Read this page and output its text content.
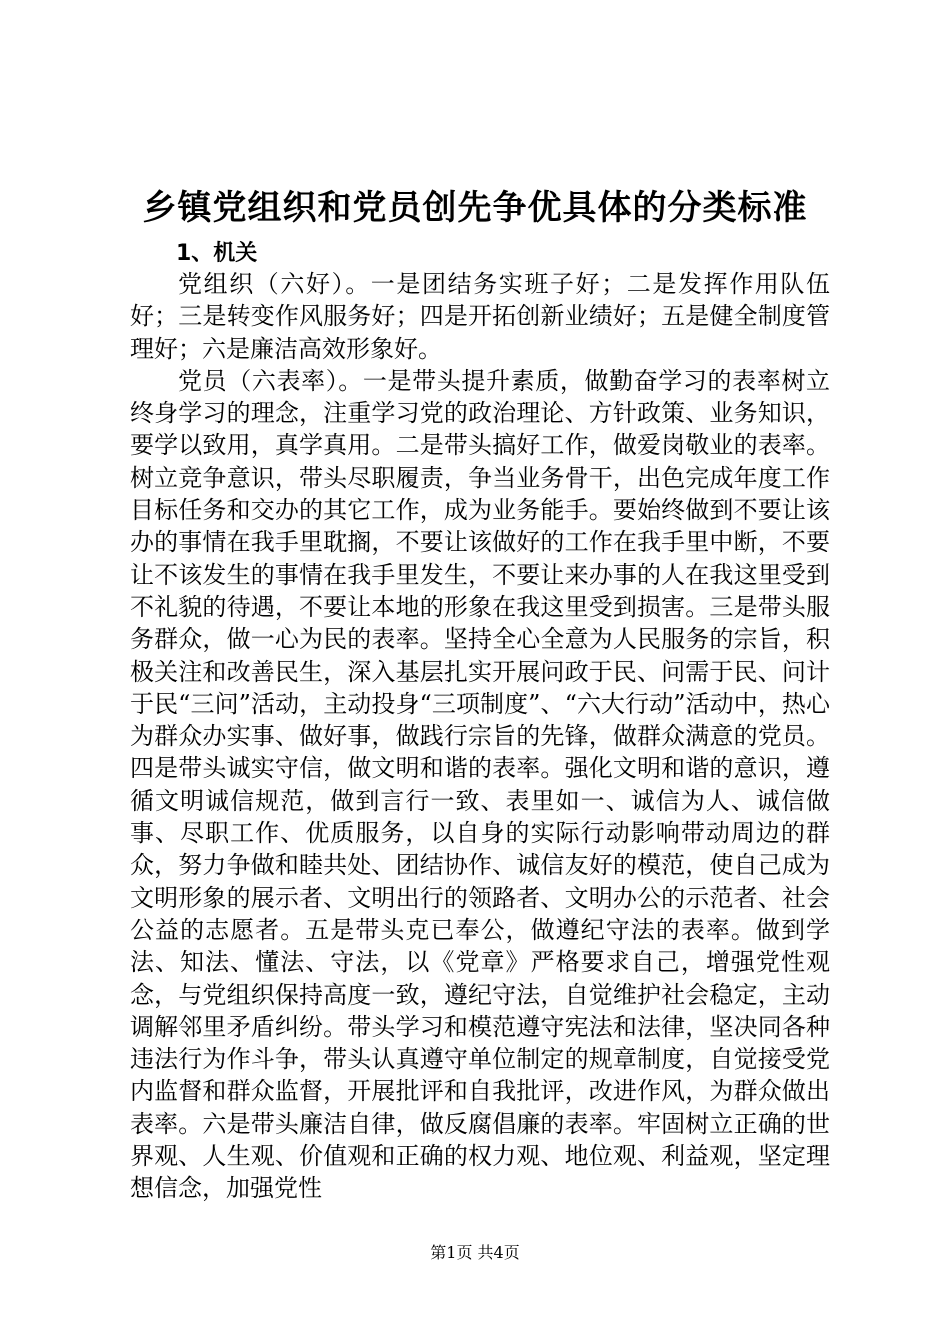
乡镇党组织和党员创先争优具体的分类标准
1、机关

党组织（六好）。一是团结务实班子好；二是发挥作用队伍好；三是转变作风服务好；四是开拓创新业绩好；五是健全制度管理好；六是廉洁高效形象好。

党员（六表率）。一是带头提升素质，做勤奋学习的表率树立终身学习的理念，注重学习党的政治理论、方针政策、业务知识，要学以致用，真学真用。二是带头搞好工作，做爱岗敬业的表率。树立竞争意识，带头尽职履责，争当业务骨干，出色完成年度工作目标任务和交办的其它工作，成为业务能手。要始终做到不要让该办的事情在我手里耽搁，不要让该做好的工作在我手里中断，不要让不该发生的事情在我手里发生，不要让来办事的人在我这里受到不礼貌的待遇，不要让本地的形象在我这里受到损害。三是带头服务群众，做一心为民的表率。坚持全心全意为人民服务的宗旨，积极关注和改善民生，深入基层扎实开展问政于民、问需于民、问计于民“三问”活动，主动投身“三项制度”、“六大行动”活动中，热心为群众办实事、做好事，做践行宗旨的先锋，做群众满意的党员。四是带头诚实守信，做文明和谐的表率。强化文明和谐的意识，遵循文明诚信规范，做到言行一致、表里如一、诚信为人、诚信做事、尽职工作、优质服务，以自身的实际行动影响带动周边的群众，努力争做和睦共处、团结协作、诚信友好的模范，使自己成为文明形象的展示者、文明出行的领路者、文明办公的示范者、社会公益的志愿者。五是带头克已奉公，做遵纪守法的表率。做到学法、知法、懂法、守法，以《党章》严格要求自己，增强党性观念，与党组织保持高度一致，遵纪守法，自觉维护社会稳定，主动调解邻里矛盾纠纷。带头学习和模范遵守宪法和法律，坚决同各种违法行为作斗争，带头认真遵守单位制定的规章制度，自觉接受党内监督和群众监督，开展批评和自我批评，改进作风，为群众做出表率。六是带头廉洁自律，做反腐倡廉的表率。牢固树立正确的世界观、人生观、价值观和正确的权力观、地位观、利益观，坚定理想信念，加强党性

第1页 共4页
